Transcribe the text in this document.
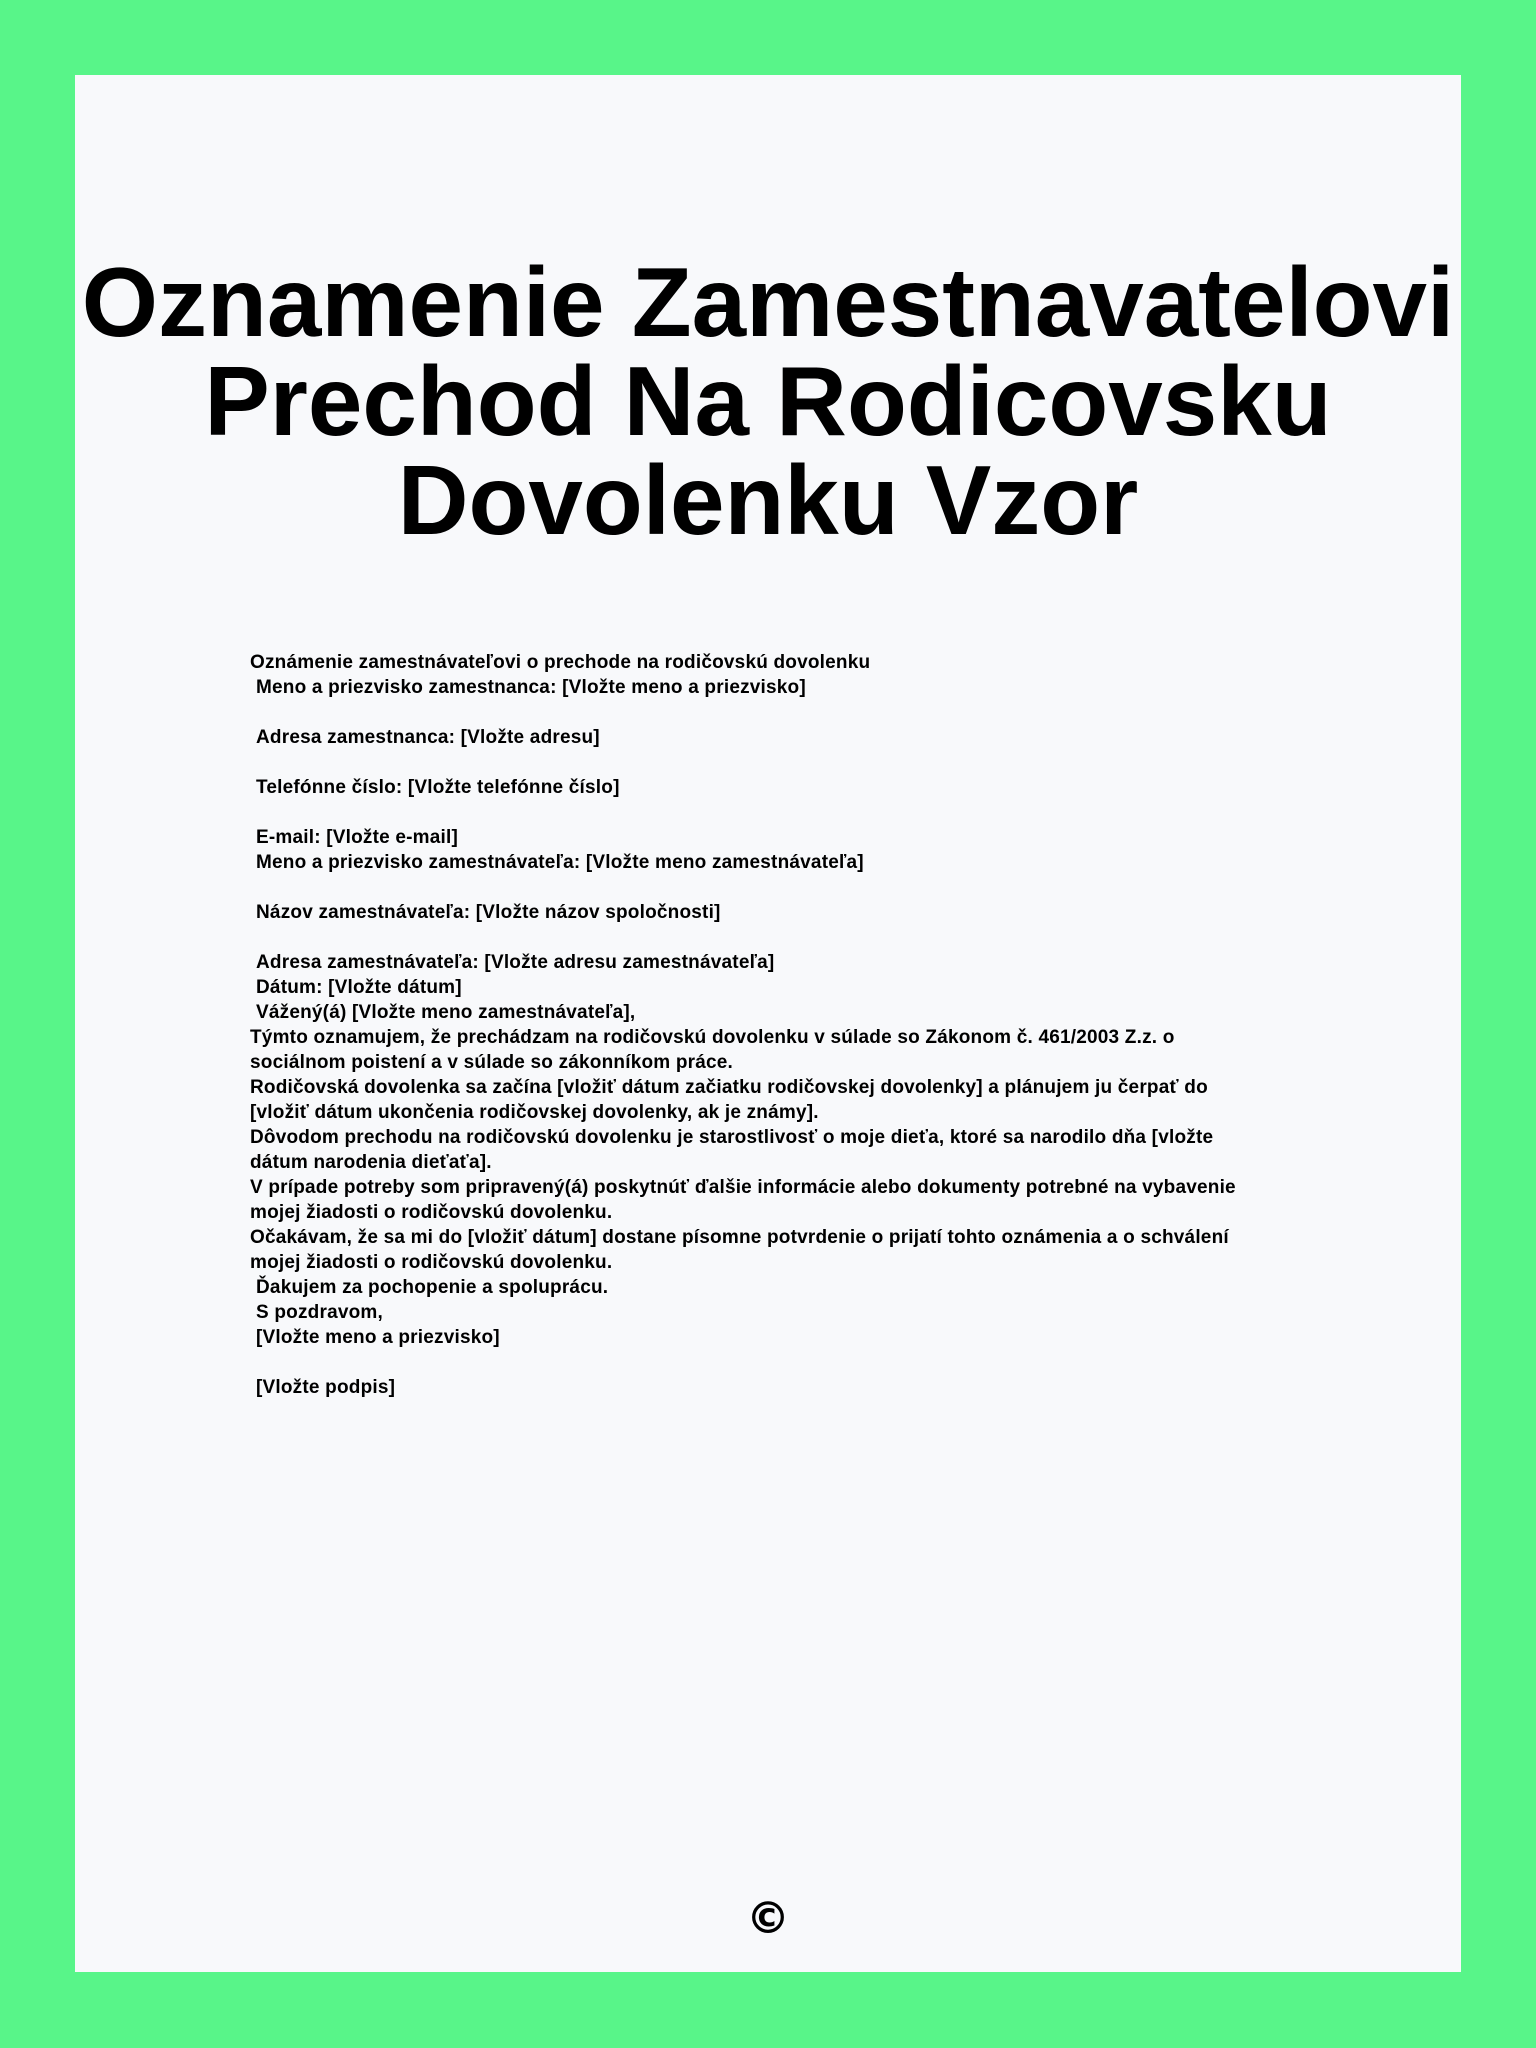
Oznamenie Zamestnavatelovi
Prechod Na Rodicovsku
Dovolenku Vzor
Oznámenie zamestnávateľovi o prechode na rodičovskú dovolenku
Meno a priezvisko zamestnanca: [Vložte meno a priezvisko]
Adresa zamestnanca: [Vložte adresu]
Telefónne číslo: [Vložte telefónne číslo]
E-mail: [Vložte e-mail]
Meno a priezvisko zamestnávateľa: [Vložte meno zamestnávateľa]
Názov zamestnávateľa: [Vložte názov spoločnosti]
Adresa zamestnávateľa: [Vložte adresu zamestnávateľa]
Dátum: [Vložte dátum]
Vážený(á) [Vložte meno zamestnávateľa],
Týmto oznamujem, že prechádzam na rodičovskú dovolenku v súlade so Zákonom č. 461/2003 Z.z. o
sociálnom poistení a v súlade so zákonníkom práce.
Rodičovská dovolenka sa začína [vložiť dátum začiatku rodičovskej dovolenky] a plánujem ju čerpať do
[vložiť dátum ukončenia rodičovskej dovolenky, ak je známy].
Dôvodom prechodu na rodičovskú dovolenku je starostlivosť o moje dieťa, ktoré sa narodilo dňa [vložte
dátum narodenia dieťaťa].
V prípade potreby som pripravený(á) poskytnúť ďalšie informácie alebo dokumenty potrebné na vybavenie
mojej žiadosti o rodičovskú dovolenku.
Očakávam, že sa mi do [vložiť dátum] dostane písomne potvrdenie o prijatí tohto oznámenia a o schválení
mojej žiadosti o rodičovskú dovolenku.
Ďakujem za pochopenie a spoluprácu.
S pozdravom,
[Vložte meno a priezvisko]
[Vložte podpis]
©
